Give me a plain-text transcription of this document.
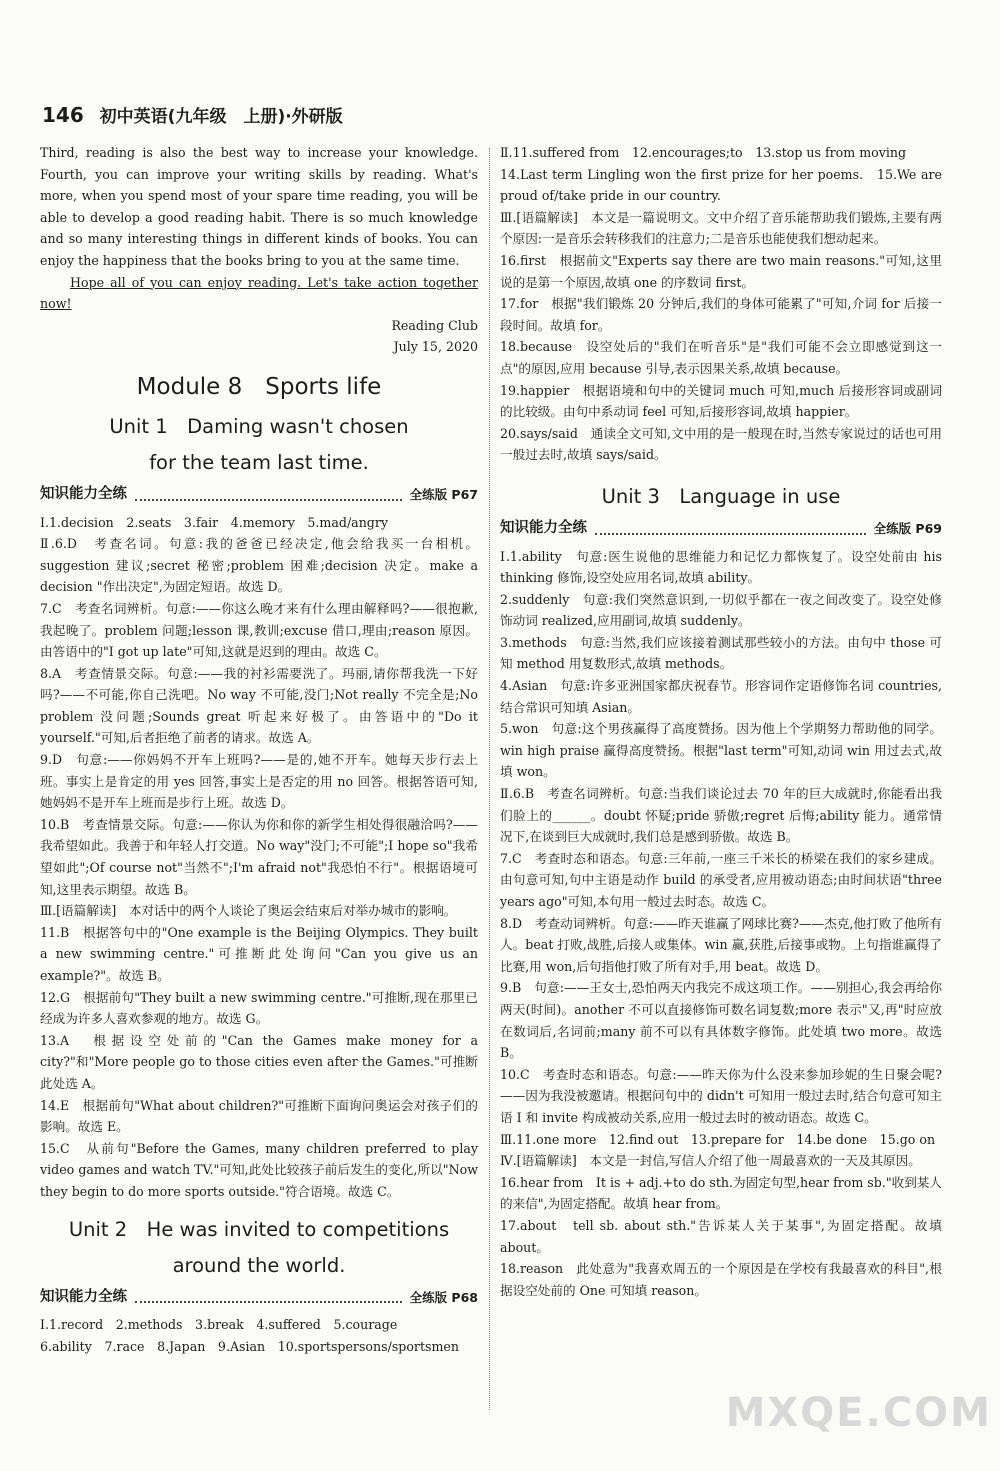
146 初中英语(九年级　上册)·外研版

Third, reading is also the best way to increase your knowledge. Fourth, you can improve your writing skills by reading. What's more, when you spend most of your spare time reading, you will be able to develop a good reading habit. There is so much knowledge and so many interesting things in different kinds of books. You can enjoy the happiness that the books bring to you at the same time.

Hope all of you can enjoy reading. Let's take action together now!

Reading Club

July 15, 2020

Module 8　Sports life
Unit 1　Daming wasn't chosen
for the team last time.
知识能力全练	全练版 P67

Ⅰ.1.decision　2.seats　3.fair　4.memory　5.mad/angry

Ⅱ.6.D　考查名词。句意:我的爸爸已经决定,他会给我买一台相机。suggestion 建议;secret 秘密;problem 困难;decision 决定。make a decision "作出决定",为固定短语。故选 D。

7.C　考查名词辨析。句意:——你这么晚才来有什么理由解释吗?——很抱歉,我起晚了。problem 问题;lesson 课,教训;excuse 借口,理由;reason 原因。由答语中的"I got up late"可知,这就是迟到的理由。故选 C。

8.A　考查情景交际。句意:——我的衬衫需要洗了。玛丽,请你帮我洗一下好吗?——不可能,你自己洗吧。No way 不可能,没门;Not really 不完全是;No problem 没问题;Sounds great 听起来好极了。由答语中的"Do it yourself."可知,后者拒绝了前者的请求。故选 A。

9.D　句意:——你妈妈不开车上班吗?——是的,她不开车。她每天步行去上班。事实上是肯定的用 yes 回答,事实上是否定的用 no 回答。根据答语可知,她妈妈不是开车上班而是步行上班。故选 D。

10.B　考查情景交际。句意:——你认为你和你的新学生相处得很融洽吗?——我希望如此。我善于和年轻人打交道。No way"没门;不可能";I hope so"我希望如此";Of course not"当然不";I'm afraid not"我恐怕不行"。根据语境可知,这里表示期望。故选 B。

Ⅲ.[语篇解读]　本对话中的两个人谈论了奥运会结束后对举办城市的影响。

11.B　根据答句中的"One example is the Beijing Olympics. They built a new swimming centre."可推断此处询问"Can you give us an example?"。故选 B。

12.G　根据前句"They built a new swimming centre."可推断,现在那里已经成为许多人喜欢参观的地方。故选 G。

13.A　根据设空处前的"Can the Games make money for a city?"和"More people go to those cities even after the Games."可推断此处选 A。

14.E　根据前句"What about children?"可推断下面询问奥运会对孩子们的影响。故选 E。

15.C　从前句"Before the Games, many children preferred to play video games and watch TV."可知,此处比较孩子前后发生的变化,所以"Now they begin to do more sports outside."符合语境。故选 C。

Unit 2　He was invited to competitions
around the world.
知识能力全练	全练版 P68

Ⅰ.1.record　2.methods　3.break　4.suffered　5.courage

6.ability　7.race　8.Japan　9.Asian　10.sportspersons/sportsmen

Ⅱ.11.suffered from　12.encourages;to　13.stop us from moving

14.Last term Lingling won the first prize for her poems.　15.We are proud of/take pride in our country.

Ⅲ.[语篇解读]　本文是一篇说明文。文中介绍了音乐能帮助我们锻炼,主要有两个原因:一是音乐会转移我们的注意力;二是音乐也能使我们想动起来。

16.first　根据前文"Experts say there are two main reasons."可知,这里说的是第一个原因,故填 one 的序数词 first。

17.for　根据"我们锻炼 20 分钟后,我们的身体可能累了"可知,介词 for 后接一段时间。故填 for。

18.because　设空处后的"我们在听音乐"是"我们可能不会立即感觉到这一点"的原因,应用 because 引导,表示因果关系,故填 because。

19.happier　根据语境和句中的关键词 much 可知,much 后接形容词或副词的比较级。由句中系动词 feel 可知,后接形容词,故填 happier。

20.says/said　通读全文可知,文中用的是一般现在时,当然专家说过的话也可用一般过去时,故填 says/said。

Unit 3　Language in use
知识能力全练	全练版 P69

Ⅰ.1.ability　句意:医生说他的思维能力和记忆力都恢复了。设空处前由 his thinking 修饰,设空处应用名词,故填 ability。

2.suddenly　句意:我们突然意识到,一切似乎都在一夜之间改变了。设空处修饰动词 realized,应用副词,故填 suddenly。

3.methods　句意:当然,我们应该接着测试那些较小的方法。由句中 those 可知 method 用复数形式,故填 methods。

4.Asian　句意:许多亚洲国家都庆祝春节。形容词作定语修饰名词 countries,结合常识可知填 Asian。

5.won　句意:这个男孩赢得了高度赞扬。因为他上个学期努力帮助他的同学。win high praise 赢得高度赞扬。根据"last term"可知,动词 win 用过去式,故填 won。

Ⅱ.6.B　考查名词辨析。句意:当我们谈论过去 70 年的巨大成就时,你能看出我们脸上的______。doubt 怀疑;pride 骄傲;regret 后悔;ability 能力。通常情况下,在谈到巨大成就时,我们总是感到骄傲。故选 B。

7.C　考查时态和语态。句意:三年前,一座三千米长的桥梁在我们的家乡建成。由句意可知,句中主语是动作 build 的承受者,应用被动语态;由时间状语"three years ago"可知,本句用一般过去时态。故选 C。

8.D　考查动词辨析。句意:——昨天谁赢了网球比赛?——杰克,他打败了他所有人。beat 打败,战胜,后接人或集体。win 赢,获胜,后接事或物。上句指谁赢得了比赛,用 won,后句指他打败了所有对手,用 beat。故选 D。

9.B　句意:——王女士,恐怕两天内我完不成这项工作。——别担心,我会再给你两天(时间)。another 不可以直接修饰可数名词复数;more 表示"又,再"时应放在数词后,名词前;many 前不可以有具体数字修饰。此处填 two more。故选 B。

10.C　考查时态和语态。句意:——昨天你为什么没来参加珍妮的生日聚会呢?——因为我没被邀请。根据问句中的 didn't 可知用一般过去时,结合句意可知主语 I 和 invite 构成被动关系,应用一般过去时的被动语态。故选 C。

Ⅲ.11.one more　12.find out　13.prepare for　14.be done　15.go on

Ⅳ.[语篇解读]　本文是一封信,写信人介绍了他一周最喜欢的一天及其原因。

16.hear from　It is + adj.+to do sth.为固定句型,hear from sb."收到某人的来信",为固定搭配。故填 hear from。

17.about　tell sb. about sth."告诉某人关于某事",为固定搭配。故填 about。

18.reason　此处意为"我喜欢周五的一个原因是在学校有我最喜欢的科目",根据设空处前的 One 可知填 reason。

MXQE.COM
